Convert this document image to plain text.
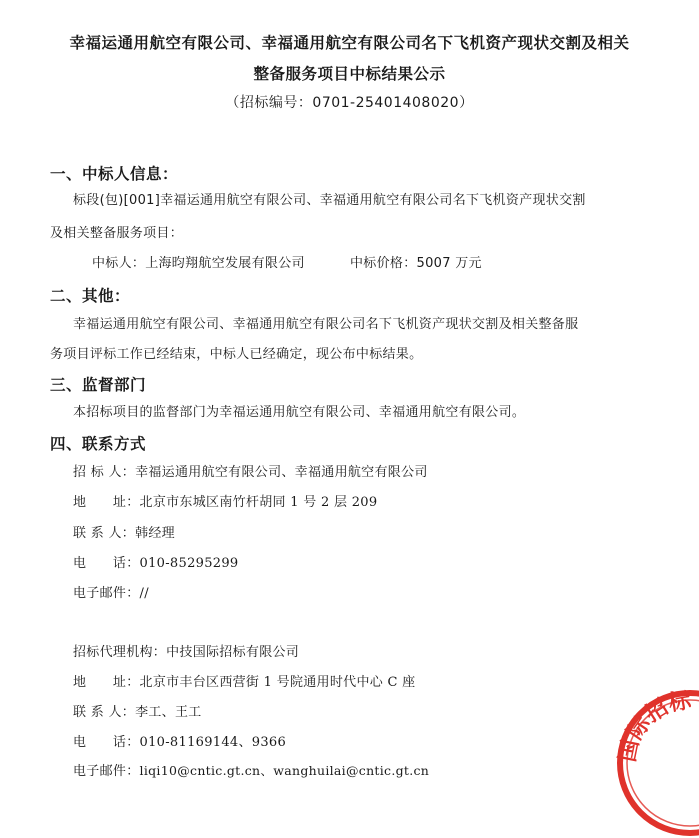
幸福运通用航空有限公司、幸福通用航空有限公司名下飞机资产现状交割及相关
整备服务项目中标结果公示
（招标编号：0701-25401408020）
一、中标人信息：
标段(包)[001]幸福运通用航空有限公司、幸福通用航空有限公司名下飞机资产现状交割
及相关整备服务项目：
中标人：上海昀翔航空发展有限公司	中标价格：5007 万元
二、其他：
幸福运通用航空有限公司、幸福通用航空有限公司名下飞机资产现状交割及相关整备服
务项目评标工作已经结束，中标人已经确定，现公布中标结果。
三、监督部门
本招标项目的监督部门为幸福运通用航空有限公司、幸福通用航空有限公司。
四、联系方式
招 标 人：幸福运通用航空有限公司、幸福通用航空有限公司
地　　址：北京市东城区南竹杆胡同 1 号 2 层 209
联 系 人：韩经理
电　　话：010-85295299
电子邮件：//
招标代理机构：中技国际招标有限公司
地　　址：北京市丰台区西营街 1 号院通用时代中心 C 座
联 系 人：李工、王工
电　　话：010-81169144、9366
电子邮件：liqi10@cntic.gt.cn、wanghuilai@cntic.gt.cn
国际招标
